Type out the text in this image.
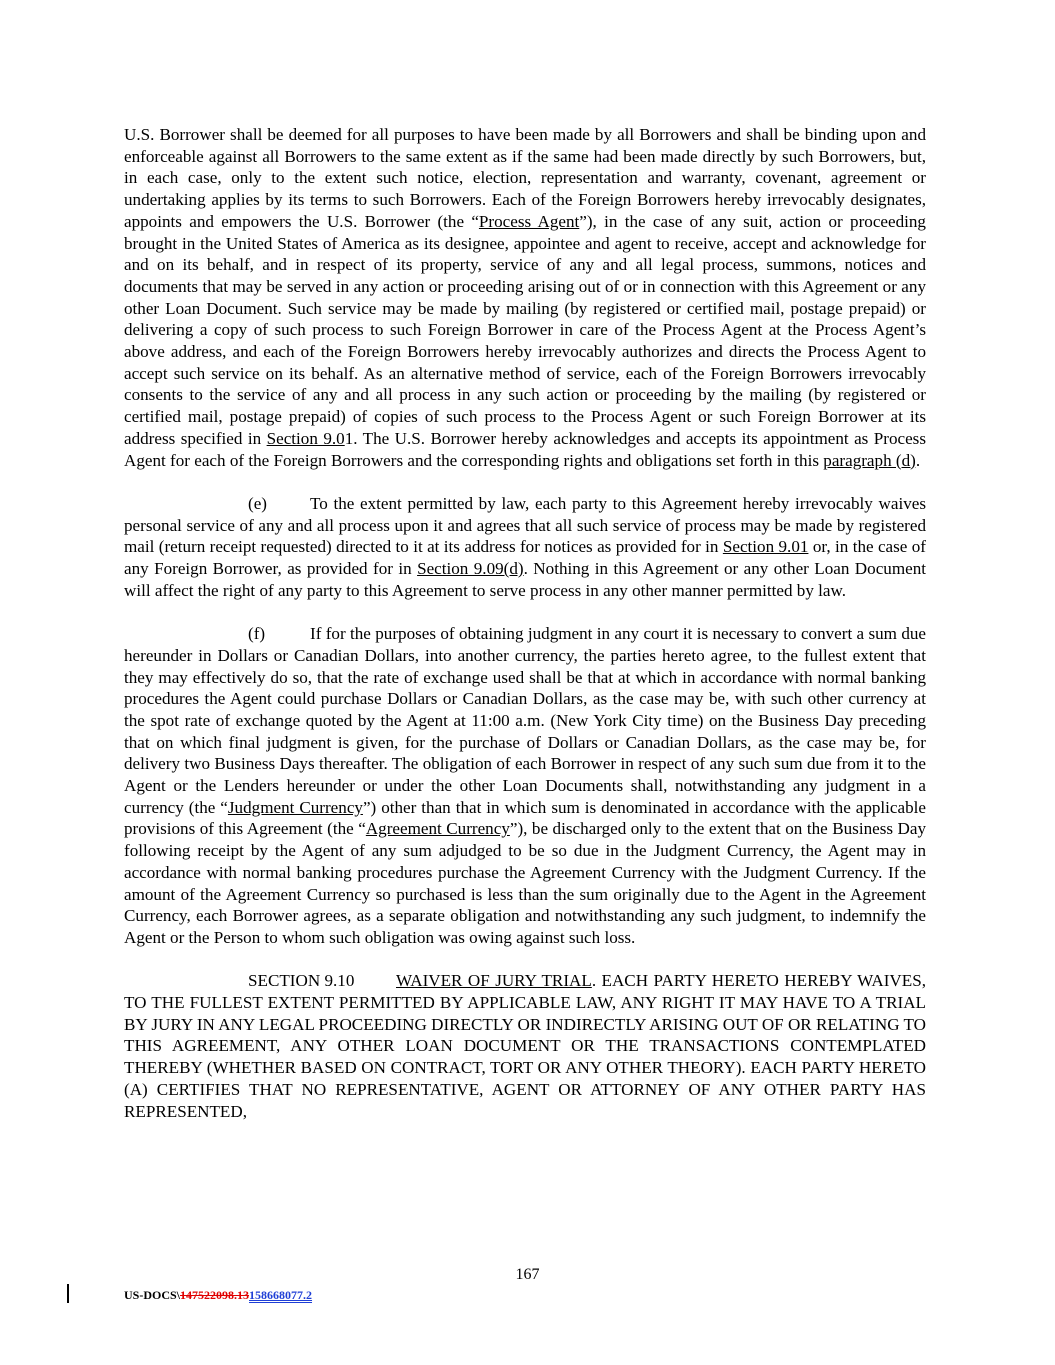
U.S. Borrower shall be deemed for all purposes to have been made by all Borrowers and shall be binding upon and enforceable against all Borrowers to the same extent as if the same had been made directly by such Borrowers, but, in each case, only to the extent such notice, election, representation and warranty, covenant, agreement or undertaking applies by its terms to such Borrowers. Each of the Foreign Borrowers hereby irrevocably designates, appoints and empowers the U.S. Borrower (the “Process Agent”), in the case of any suit, action or proceeding brought in the United States of America as its designee, appointee and agent to receive, accept and acknowledge for and on its behalf, and in respect of its property, service of any and all legal process, summons, notices and documents that may be served in any action or proceeding arising out of or in connection with this Agreement or any other Loan Document. Such service may be made by mailing (by registered or certified mail, postage prepaid) or delivering a copy of such process to such Foreign Borrower in care of the Process Agent at the Process Agent’s above address, and each of the Foreign Borrowers hereby irrevocably authorizes and directs the Process Agent to accept such service on its behalf. As an alternative method of service, each of the Foreign Borrowers irrevocably consents to the service of any and all process in any such action or proceeding by the mailing (by registered or certified mail, postage prepaid) of copies of such process to the Process Agent or such Foreign Borrower at its address specified in Section 9.01. The U.S. Borrower hereby acknowledges and accepts its appointment as Process Agent for each of the Foreign Borrowers and the corresponding rights and obligations set forth in this paragraph (d).

(e)	To the extent permitted by law, each party to this Agreement hereby irrevocably waives personal service of any and all process upon it and agrees that all such service of process may be made by registered mail (return receipt requested) directed to it at its address for notices as provided for in Section 9.01 or, in the case of any Foreign Borrower, as provided for in Section 9.09(d). Nothing in this Agreement or any other Loan Document will affect the right of any party to this Agreement to serve process in any other manner permitted by law.

(f)	If for the purposes of obtaining judgment in any court it is necessary to convert a sum due hereunder in Dollars or Canadian Dollars, into another currency, the parties hereto agree, to the fullest extent that they may effectively do so, that the rate of exchange used shall be that at which in accordance with normal banking procedures the Agent could purchase Dollars or Canadian Dollars, as the case may be, with such other currency at the spot rate of exchange quoted by the Agent at 11:00 a.m. (New York City time) on the Business Day preceding that on which final judgment is given, for the purchase of Dollars or Canadian Dollars, as the case may be, for delivery two Business Days thereafter. The obligation of each Borrower in respect of any such sum due from it to the Agent or the Lenders hereunder or under the other Loan Documents shall, notwithstanding any judgment in a currency (the “Judgment Currency”) other than that in which sum is denominated in accordance with the applicable provisions of this Agreement (the “Agreement Currency”), be discharged only to the extent that on the Business Day following receipt by the Agent of any sum adjudged to be so due in the Judgment Currency, the Agent may in accordance with normal banking procedures purchase the Agreement Currency with the Judgment Currency. If the amount of the Agreement Currency so purchased is less than the sum originally due to the Agent in the Agreement Currency, each Borrower agrees, as a separate obligation and notwithstanding any such judgment, to indemnify the Agent or the Person to whom such obligation was owing against such loss.

SECTION 9.10 WAIVER OF JURY TRIAL. EACH PARTY HERETO HEREBY WAIVES, TO THE FULLEST EXTENT PERMITTED BY APPLICABLE LAW, ANY RIGHT IT MAY HAVE TO A TRIAL BY JURY IN ANY LEGAL PROCEEDING DIRECTLY OR INDIRECTLY ARISING OUT OF OR RELATING TO THIS AGREEMENT, ANY OTHER LOAN DOCUMENT OR THE TRANSACTIONS CONTEMPLATED THEREBY (WHETHER BASED ON CONTRACT, TORT OR ANY OTHER THEORY). EACH PARTY HERETO (A) CERTIFIES THAT NO REPRESENTATIVE, AGENT OR ATTORNEY OF ANY OTHER PARTY HAS REPRESENTED,

167
US-DOCS\147522098.13158668077.2
